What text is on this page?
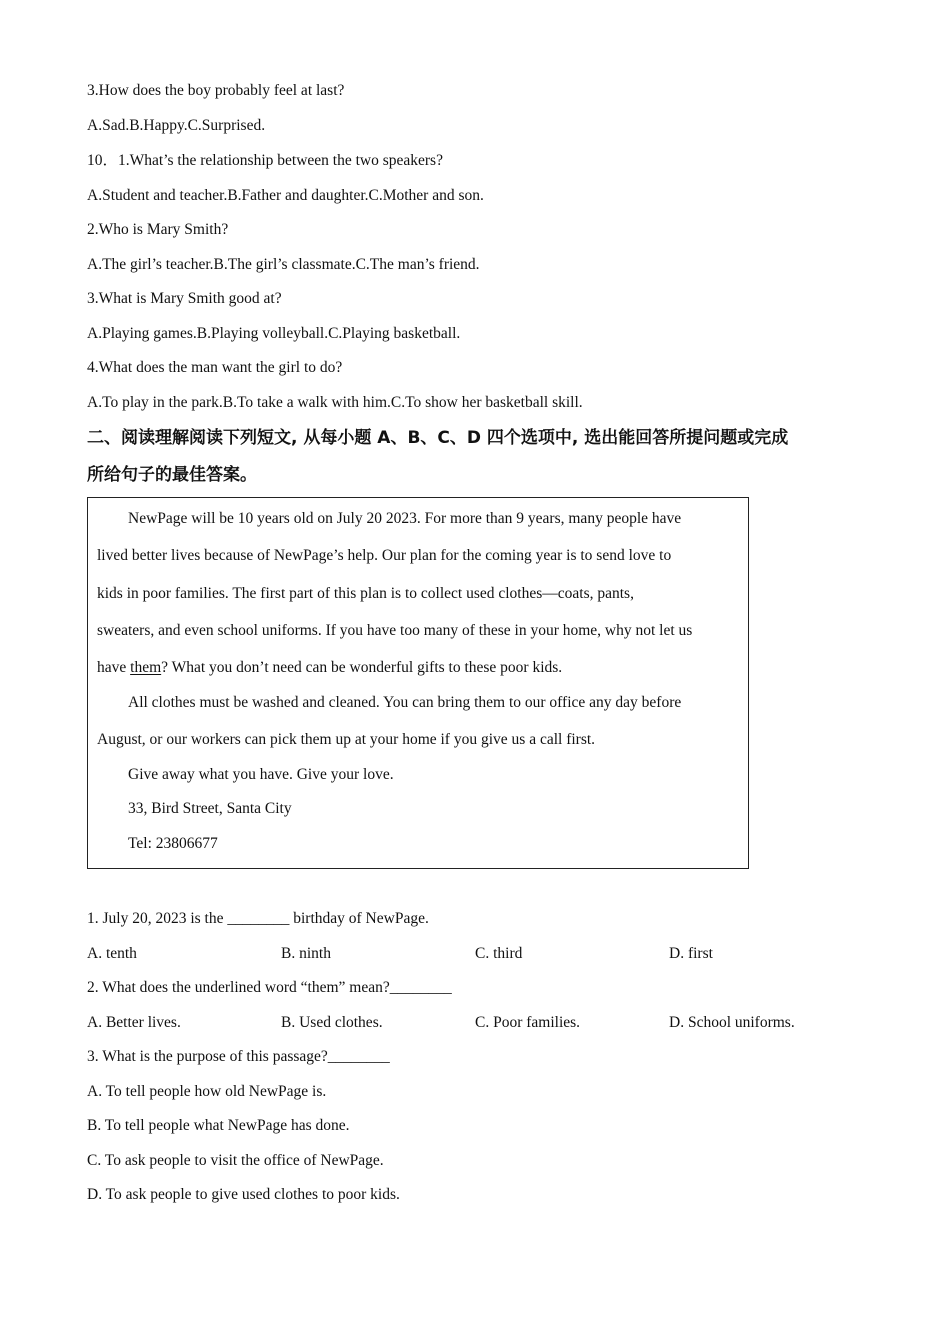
3.How does the boy probably feel at last?
A.Sad.B.Happy.C.Surprised.
10．1.What’s the relationship between the two speakers?
A.Student and teacher.B.Father and daughter.C.Mother and son.
2.Who is Mary Smith?
A.The girl’s teacher.B.The girl’s classmate.C.The man’s friend.
3.What is Mary Smith good at?
A.Playing games.B.Playing volleyball.C.Playing basketball.
4.What does the man want the girl to do?
A.To play in the park.B.To take a walk with him.C.To show her basketball skill.
二、阅读理解阅读下列短文, 从每小题 A、B、C、D 四个选项中, 选出能回答所提问题或完成
所给句子的最佳答案。
NewPage will be 10 years old on July 20 2023. For more than 9 years, many people have
lived better lives because of NewPage’s help. Our plan for the coming year is to send love to
kids in poor families. The first part of this plan is to collect used clothes—coats, pants,
sweaters, and even school uniforms. If you have too many of these in your home, why not let us
have them? What you don’t need can be wonderful gifts to these poor kids.
All clothes must be washed and cleaned. You can bring them to our office any day before
August, or our workers can pick them up at your home if you give us a call first.
Give away what you have. Give your love.
33, Bird Street, Santa City
Tel: 23806677
1. July 20, 2023 is the ________ birthday of NewPage.
A. tenth	B. ninth	C. third	D. first
2. What does the underlined word “them” mean?________
A. Better lives.	B. Used clothes.	C. Poor families.	D. School uniforms.
3. What is the purpose of this passage?________
A. To tell people how old NewPage is.
B. To tell people what NewPage has done.
C. To ask people to visit the office of NewPage.
D. To ask people to give used clothes to poor kids.
